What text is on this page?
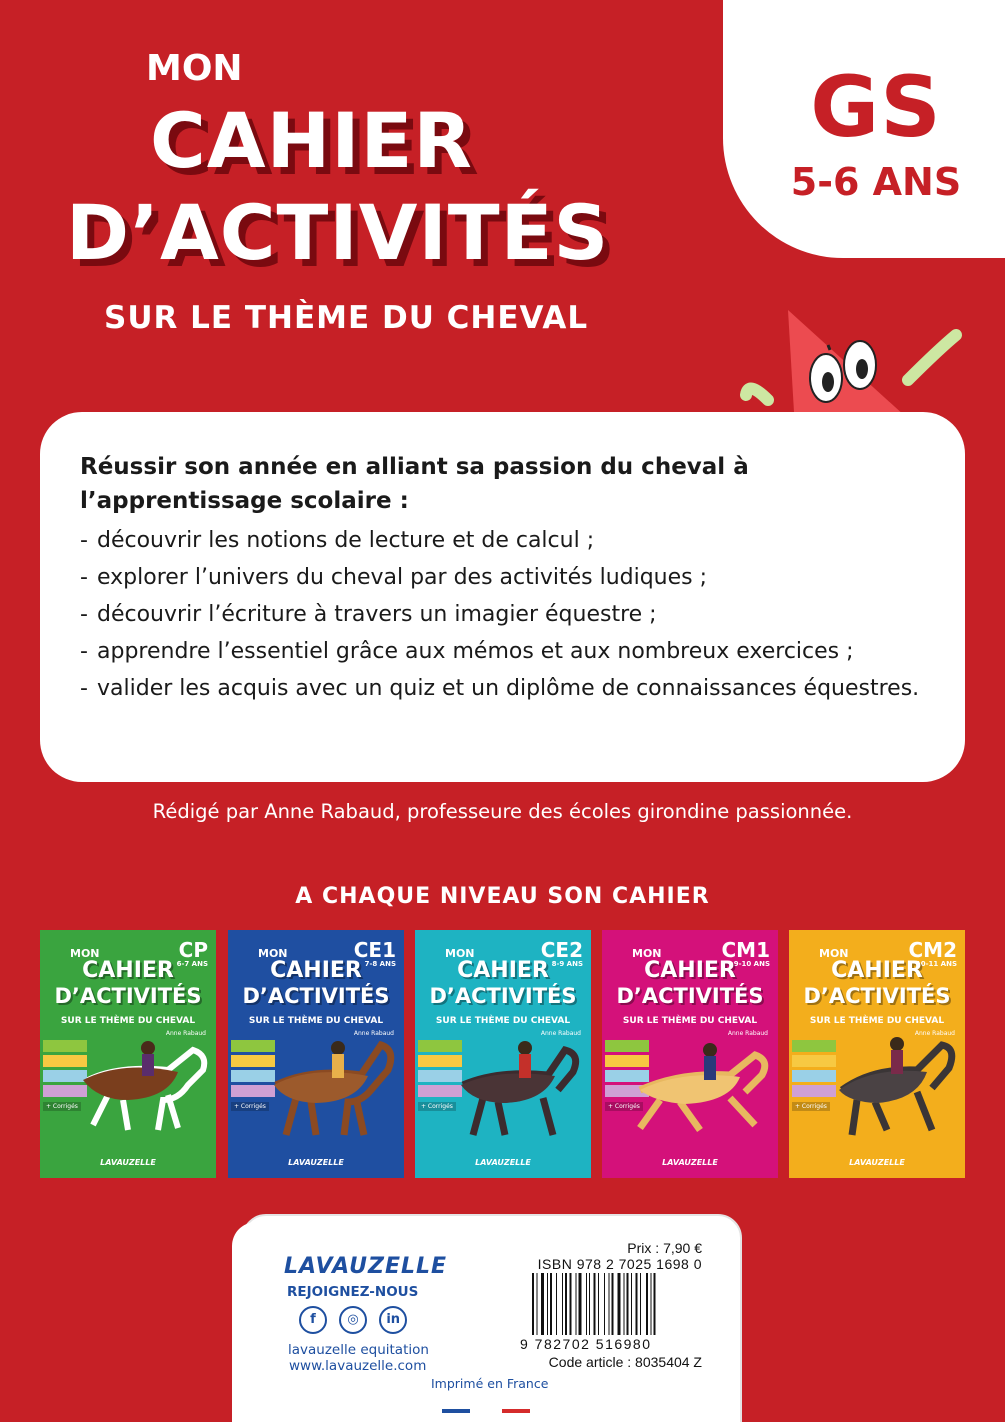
GS
5-6 ANS
MON
CAHIER
D’ACTIVITÉS
SUR LE THÈME DU CHEVAL
Réussir son année en alliant sa passion du cheval à l’apprentissage scolaire :
- découvrir les notions de lecture et de calcul ;
- explorer l’univers du cheval par des activités ludiques ;
- découvrir l’écriture à travers un imagier équestre ;
- apprendre l’essentiel grâce aux mémos et aux nombreux exercices ;
- valider les acquis avec un quiz et un diplôme de connaissances équestres.
Rédigé par Anne Rabaud, professeure des écoles girondine passionnée.
A CHAQUE NIVEAU SON CAHIER
MON	CP
6-7 ANS
CAHIER
D’ACTIVITÉS
SUR LE THÈME DU CHEVAL
Anne Rabaud
+ Corrigés
LAVAUZELLE
MON	CE1
7-8 ANS
CAHIER
D’ACTIVITÉS
SUR LE THÈME DU CHEVAL
Anne Rabaud
+ Corrigés
LAVAUZELLE
MON	CE2
8-9 ANS
CAHIER
D’ACTIVITÉS
SUR LE THÈME DU CHEVAL
Anne Rabaud
+ Corrigés
LAVAUZELLE
MON	CM1
9-10 ANS
CAHIER
D’ACTIVITÉS
SUR LE THÈME DU CHEVAL
Anne Rabaud
+ Corrigés
LAVAUZELLE
MON	CM2
10-11 ANS
CAHIER
D’ACTIVITÉS
SUR LE THÈME DU CHEVAL
Anne Rabaud
+ Corrigés
LAVAUZELLE
LAVAUZELLE
REJOIGNEZ-NOUS
f ◎ in
lavauzelle equitation
www.lavauzelle.com
Imprimé en France
Prix : 7,90 €
ISBN 978 2 7025 1698 0
9 782702 516980
Code article : 8035404 Z
